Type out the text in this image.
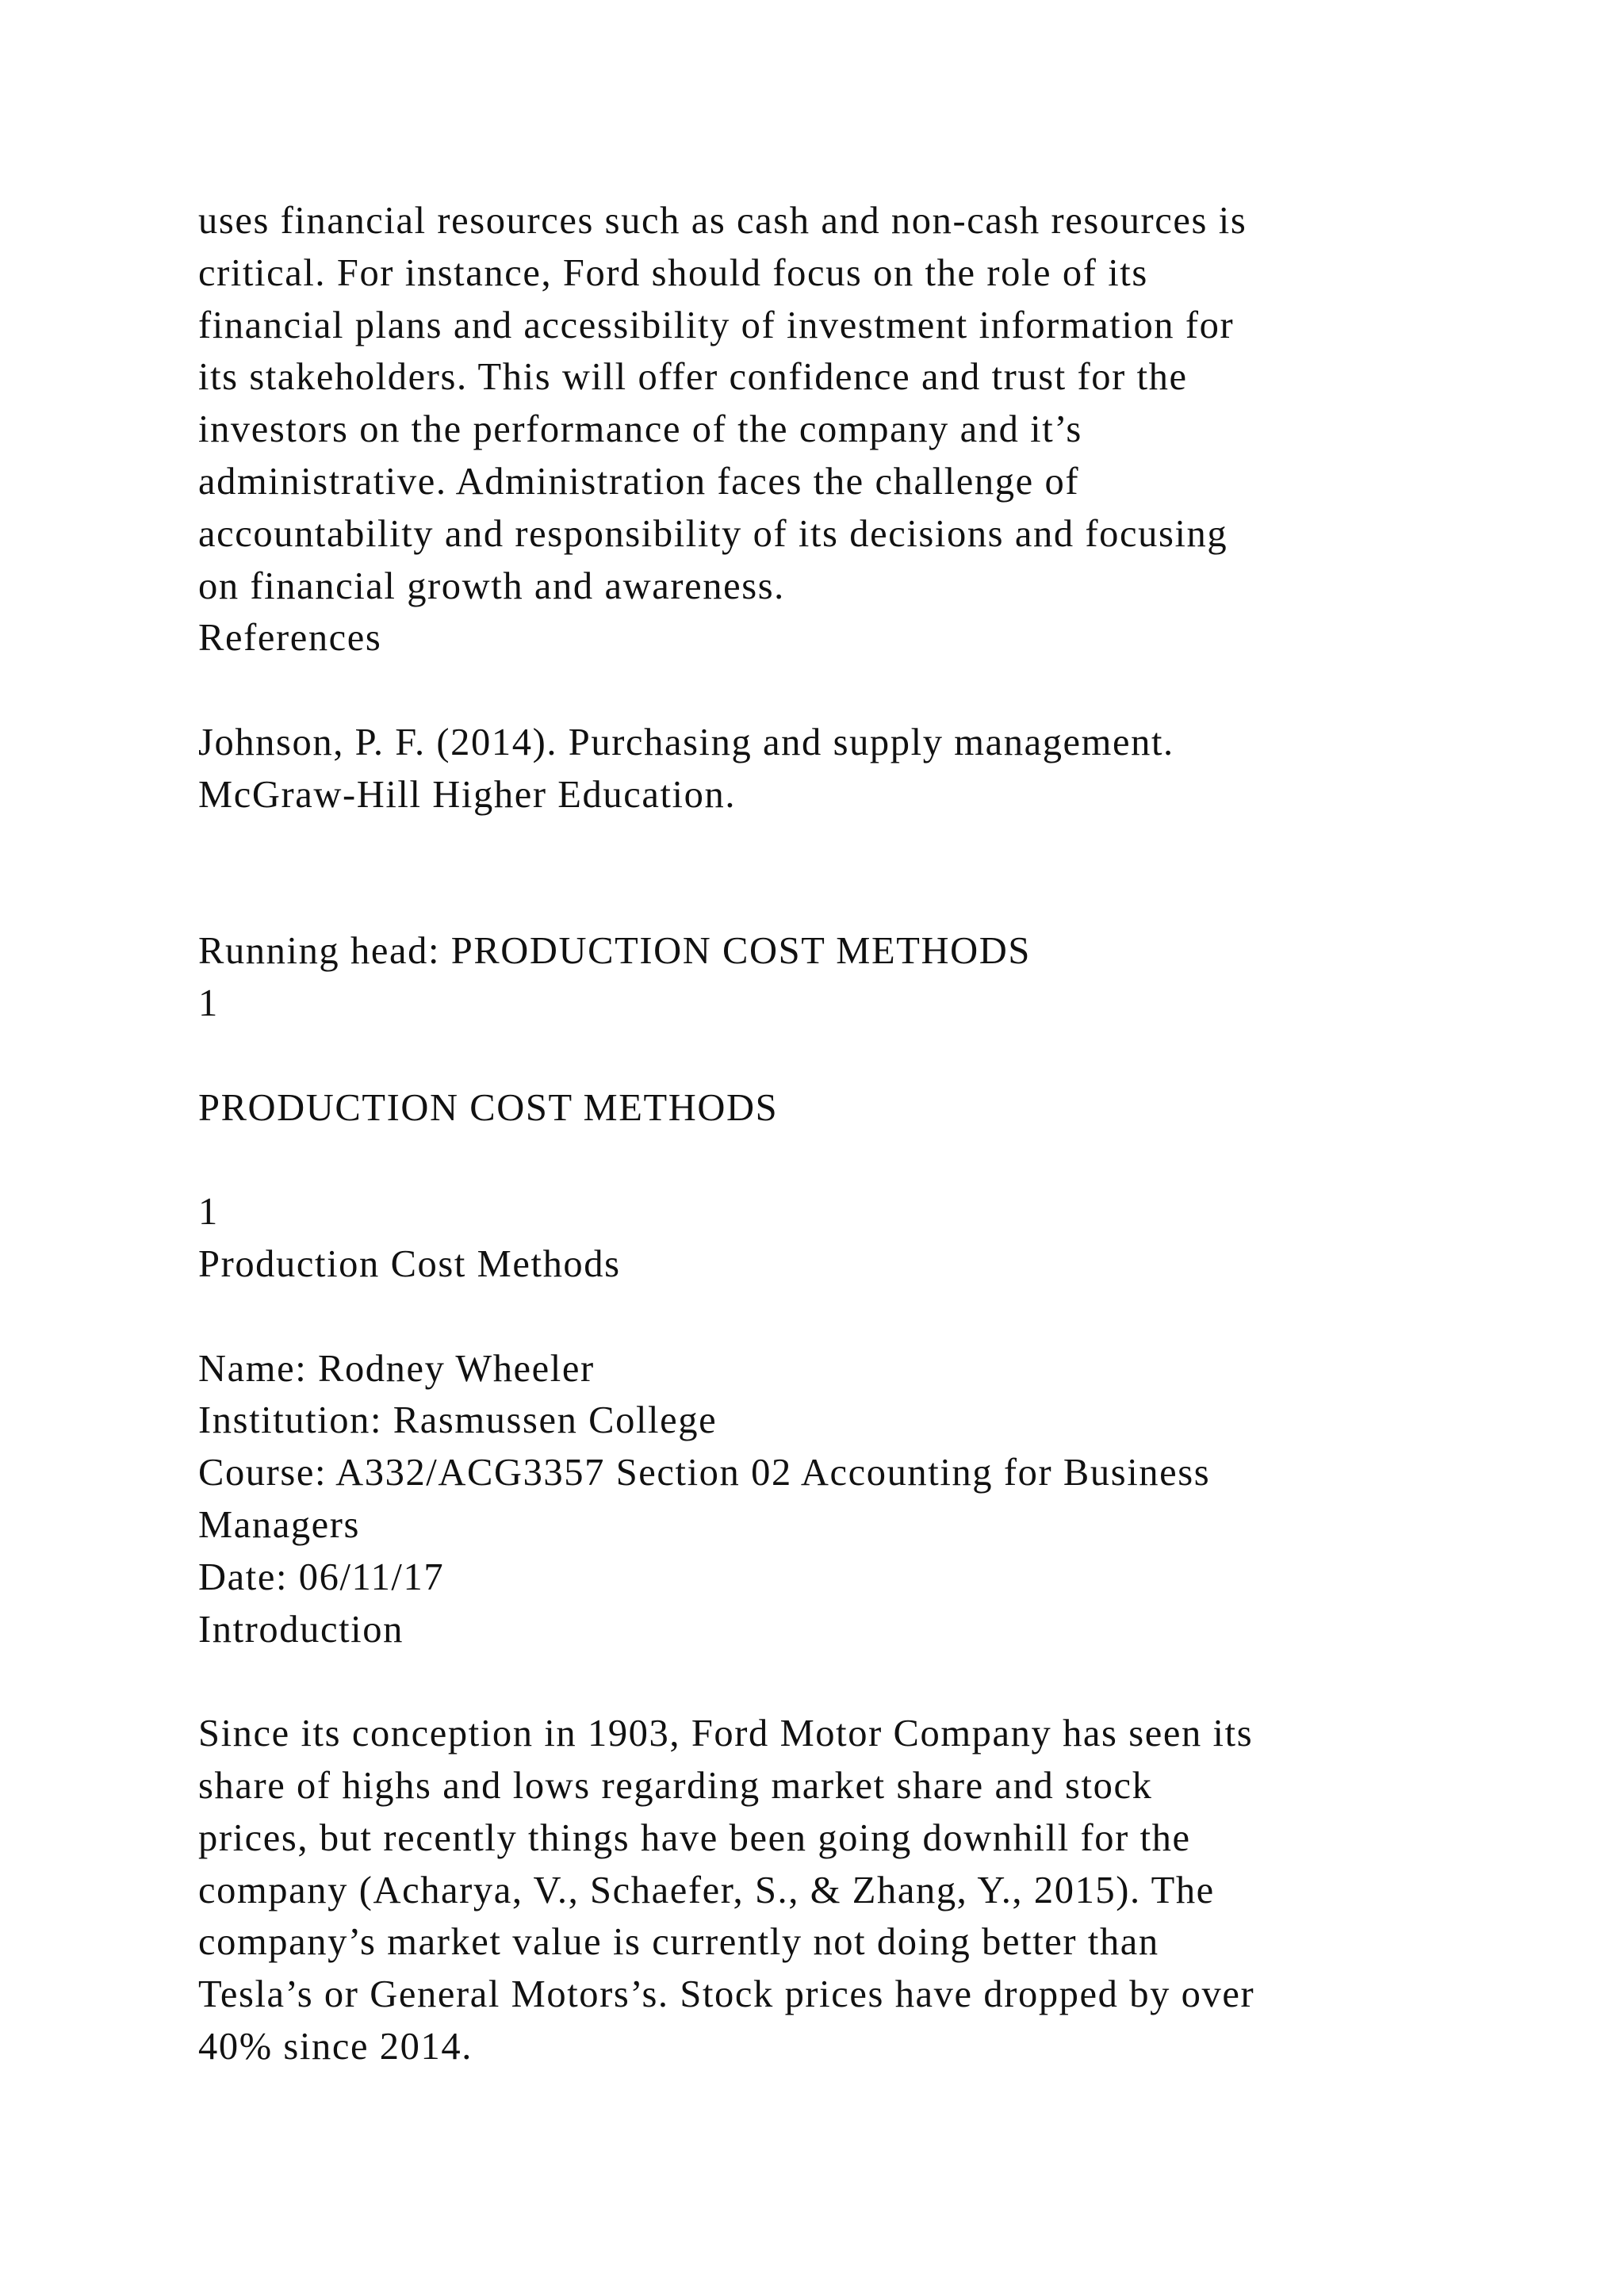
uses financial resources such as cash and non-cash resources is
critical. For instance, Ford should focus on the role of its
financial plans and accessibility of investment information for
its stakeholders. This will offer confidence and trust for the
investors on the performance of the company and it’s
administrative. Administration faces the challenge of
accountability and responsibility of its decisions and focusing
on financial growth and awareness.
References
Johnson, P. F. (2014). Purchasing and supply management.
McGraw-Hill Higher Education.
Running head: PRODUCTION COST METHODS
1
PRODUCTION COST METHODS
1
Production Cost Methods
Name: Rodney Wheeler
Institution: Rasmussen College
Course: A332/ACG3357 Section 02 Accounting for Business
Managers
Date: 06/11/17
Introduction
Since its conception in 1903, Ford Motor Company has seen its
share of highs and lows regarding market share and stock
prices, but recently things have been going downhill for the
company (Acharya, V., Schaefer, S., & Zhang, Y., 2015). The
company’s market value is currently not doing better than
Tesla’s or General Motors’s. Stock prices have dropped by over
40% since 2014.
